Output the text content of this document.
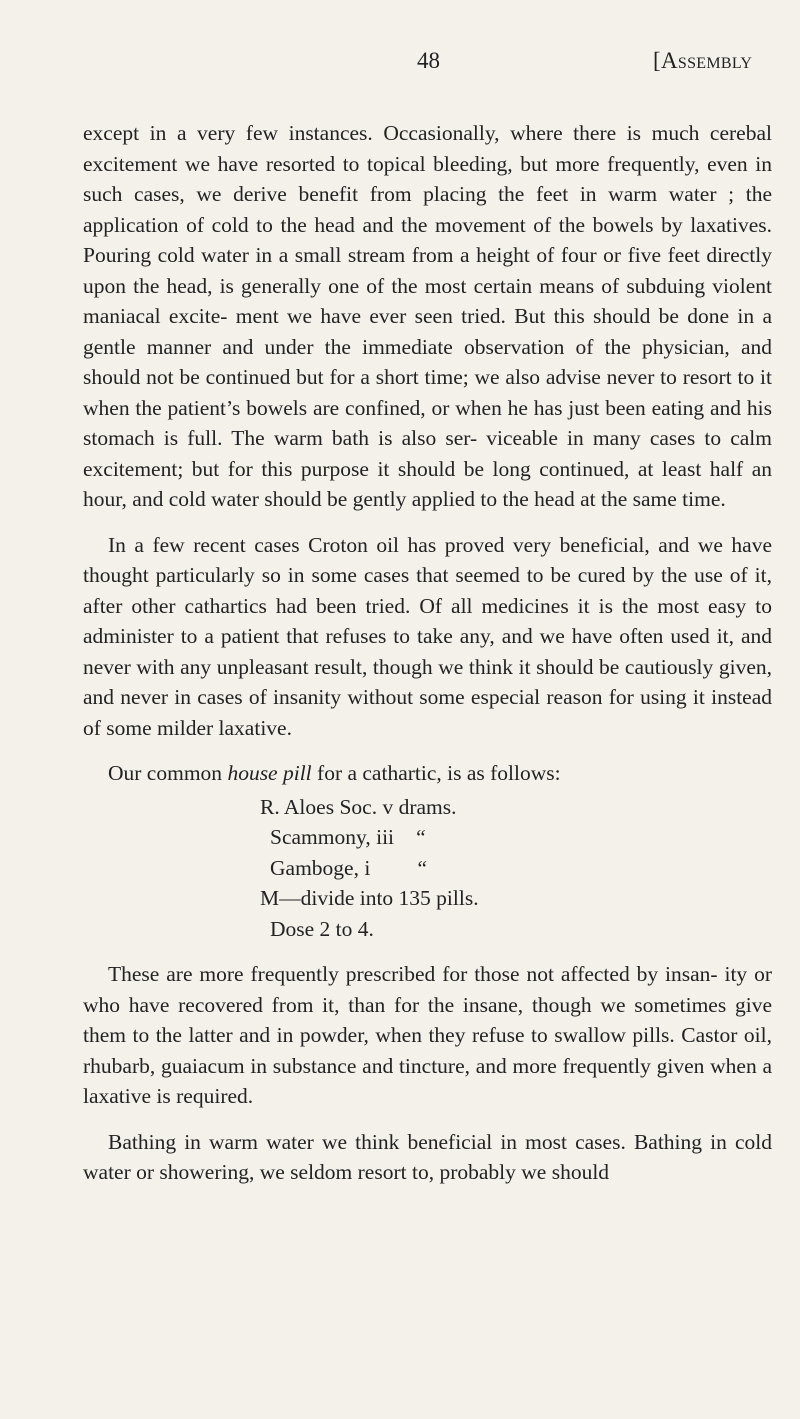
48	[Assembly

except in a very few instances. Occasionally, where there is much cerebal excitement we have resorted to topical bleeding, but more frequently, even in such cases, we derive benefit from placing the feet in warm water ; the application of cold to the head and the movement of the bowels by laxatives. Pouring cold water in a small stream from a height of four or five feet directly upon the head, is generally one of the most certain means of subduing violent maniacal excite- ment we have ever seen tried. But this should be done in a gentle manner and under the immediate observation of the physician, and should not be continued but for a short time; we also advise never to resort to it when the patient’s bowels are confined, or when he has just been eating and his stomach is full. The warm bath is also ser- viceable in many cases to calm excitement; but for this purpose it should be long continued, at least half an hour, and cold water should be gently applied to the head at the same time.

In a few recent cases Croton oil has proved very beneficial, and we have thought particularly so in some cases that seemed to be cured by the use of it, after other cathartics had been tried. Of all medicines it is the most easy to administer to a patient that refuses to take any, and we have often used it, and never with any unpleasant result, though we think it should be cautiously given, and never in cases of insanity without some especial reason for using it instead of some milder laxative.

Our common house pill for a cathartic, is as follows:

R. Aloes Soc. v drams.
Scammony, iii “
Gamboge, i “
M—divide into 135 pills.
Dose 2 to 4.

These are more frequently prescribed for those not affected by insan- ity or who have recovered from it, than for the insane, though we sometimes give them to the latter and in powder, when they refuse to swallow pills. Castor oil, rhubarb, guaiacum in substance and tincture, and more frequently given when a laxative is required.

Bathing in warm water we think beneficial in most cases. Bathing in cold water or showering, we seldom resort to, probably we should
